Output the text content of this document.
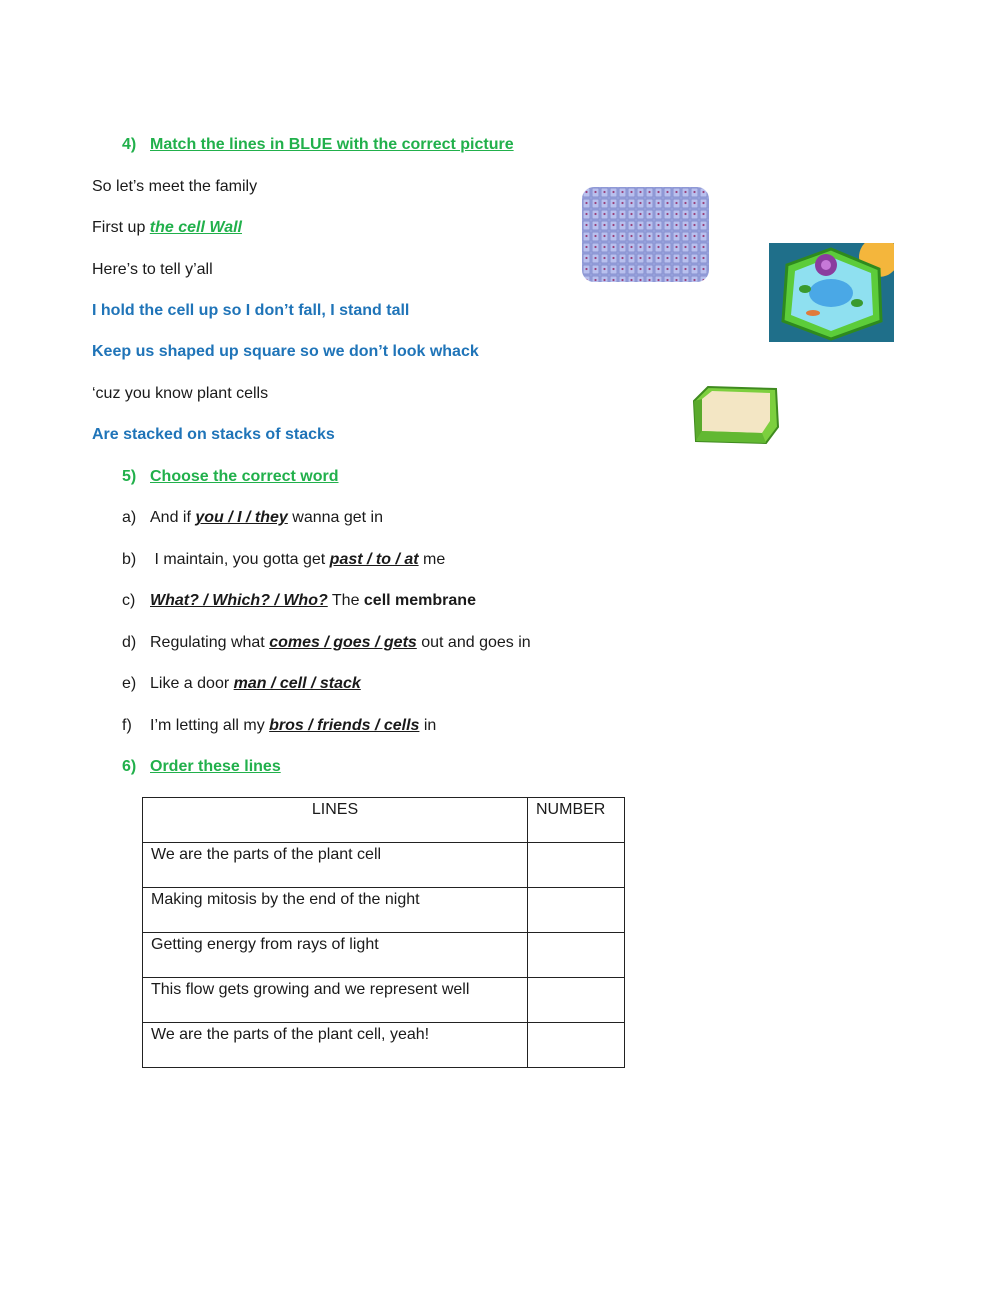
4) Match the lines in BLUE with the correct picture
So let’s meet the family
First up the cell Wall
Here’s to tell y’all
I hold the cell up so I don’t fall, I stand tall
Keep us shaped up square so we don’t look whack
‘cuz you know plant cells
Are stacked on stacks of stacks
5) Choose the correct word
a) And if you / I / they wanna get in
b) I maintain, you gotta get past / to / at me
c) What? / Which? / Who? The cell membrane
d) Regulating what comes / goes / gets out and goes in
e) Like a door man / cell / stack
f) I’m letting all my bros / friends / cells in
6) Order these lines
LINES	NUMBER
We are the parts of the plant cell	
Making mitosis by the end of the night	
Getting energy from rays of light	
This flow gets growing and we represent well	
We are the parts of the plant cell, yeah!	
